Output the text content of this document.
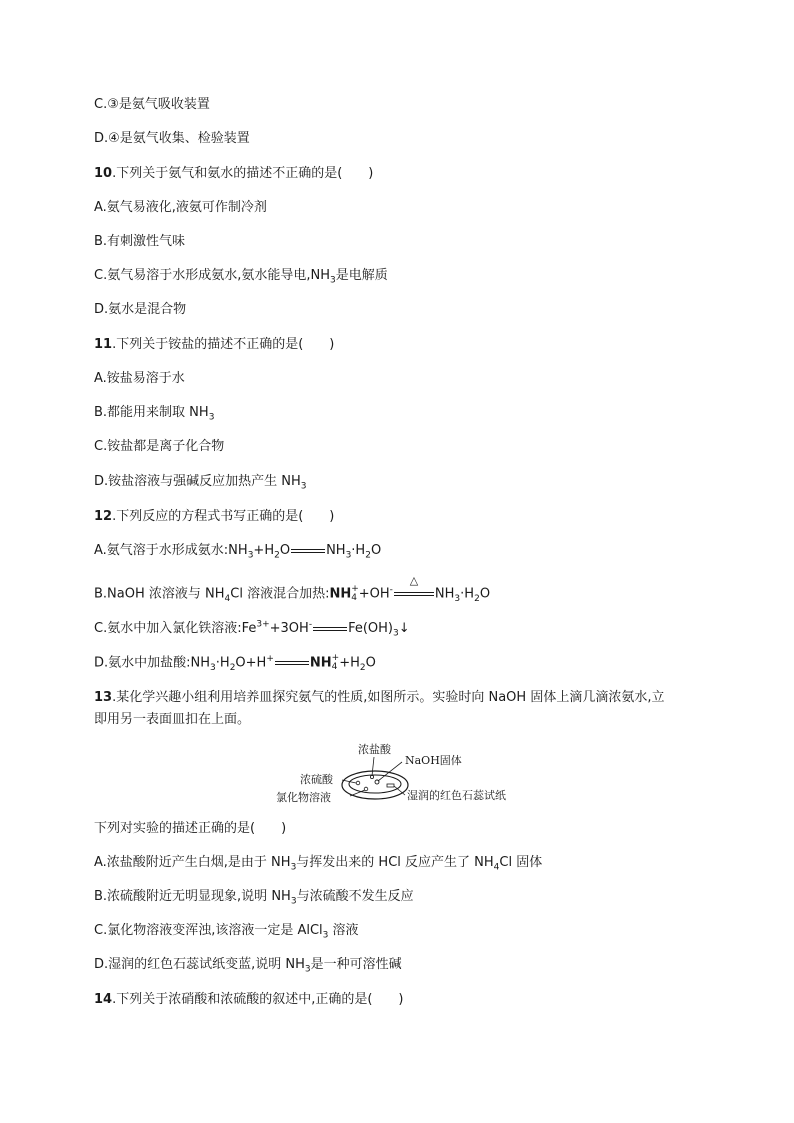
C.③是氨气吸收装置
D.④是氨气收集、检验装置
10.下列关于氨气和氨水的描述不正确的是(　　)
A.氨气易液化,液氨可作制冷剂
B.有刺激性气味
C.氨气易溶于水形成氨水,氨水能导电$,NH_3$是电解质
D.氨水是混合物
11.下列关于铵盐的描述不正确的是(　　)
A.铵盐易溶于水
B.都能用来制取 $NH_3$
C.铵盐都是离子化合物
D.铵盐溶液与强碱反应加热产生 $NH_3$
12.下列反应的方程式书写正确的是(　　)
A.氨气溶于水形成氨水$:NH_3+H_2O$	$NH_3\cdot H_2O$
B.NaOH 浓溶液与 $NH_4Cl$ 溶液混合加热:NH +
4 +OH-
△
$NH_3\cdot H_2O$
C.氨水中加入氯化铁溶液$:Fe^{3+}+3OH^-$	$Fe(OH)_3↓$
D.氨水中加盐酸$:NH_3\cdot H_2O+H^+$	NH +
$4 +H_2O$
13.某化学兴趣小组利用培养皿探究氨气的性质,如图所示。实验时向 NaOH 固体上滴几滴浓氨水,立
即用另一表面皿扣在上面。
浓盐酸
NaOH固体
浓硫酸
氯化物溶液	湿润的红色石蕊试纸
下列对实验的描述正确的是(　　)
A.浓盐酸附近产生白烟,是由于 $NH_3$与挥发出来的 HCl 反应产生了 $NH_4Cl$ 固体
B.浓硫酸附近无明显现象,说明 $NH_3$与浓硫酸不发生反应
C.氯化物溶液变浑浊,该溶液一定是 AlCl$_3$ 溶液
D.湿润的红色石蕊试纸变蓝,说明 $NH_3$是一种可溶性碱
14.下列关于浓硝酸和浓硫酸的叙述中,正确的是(　　)
